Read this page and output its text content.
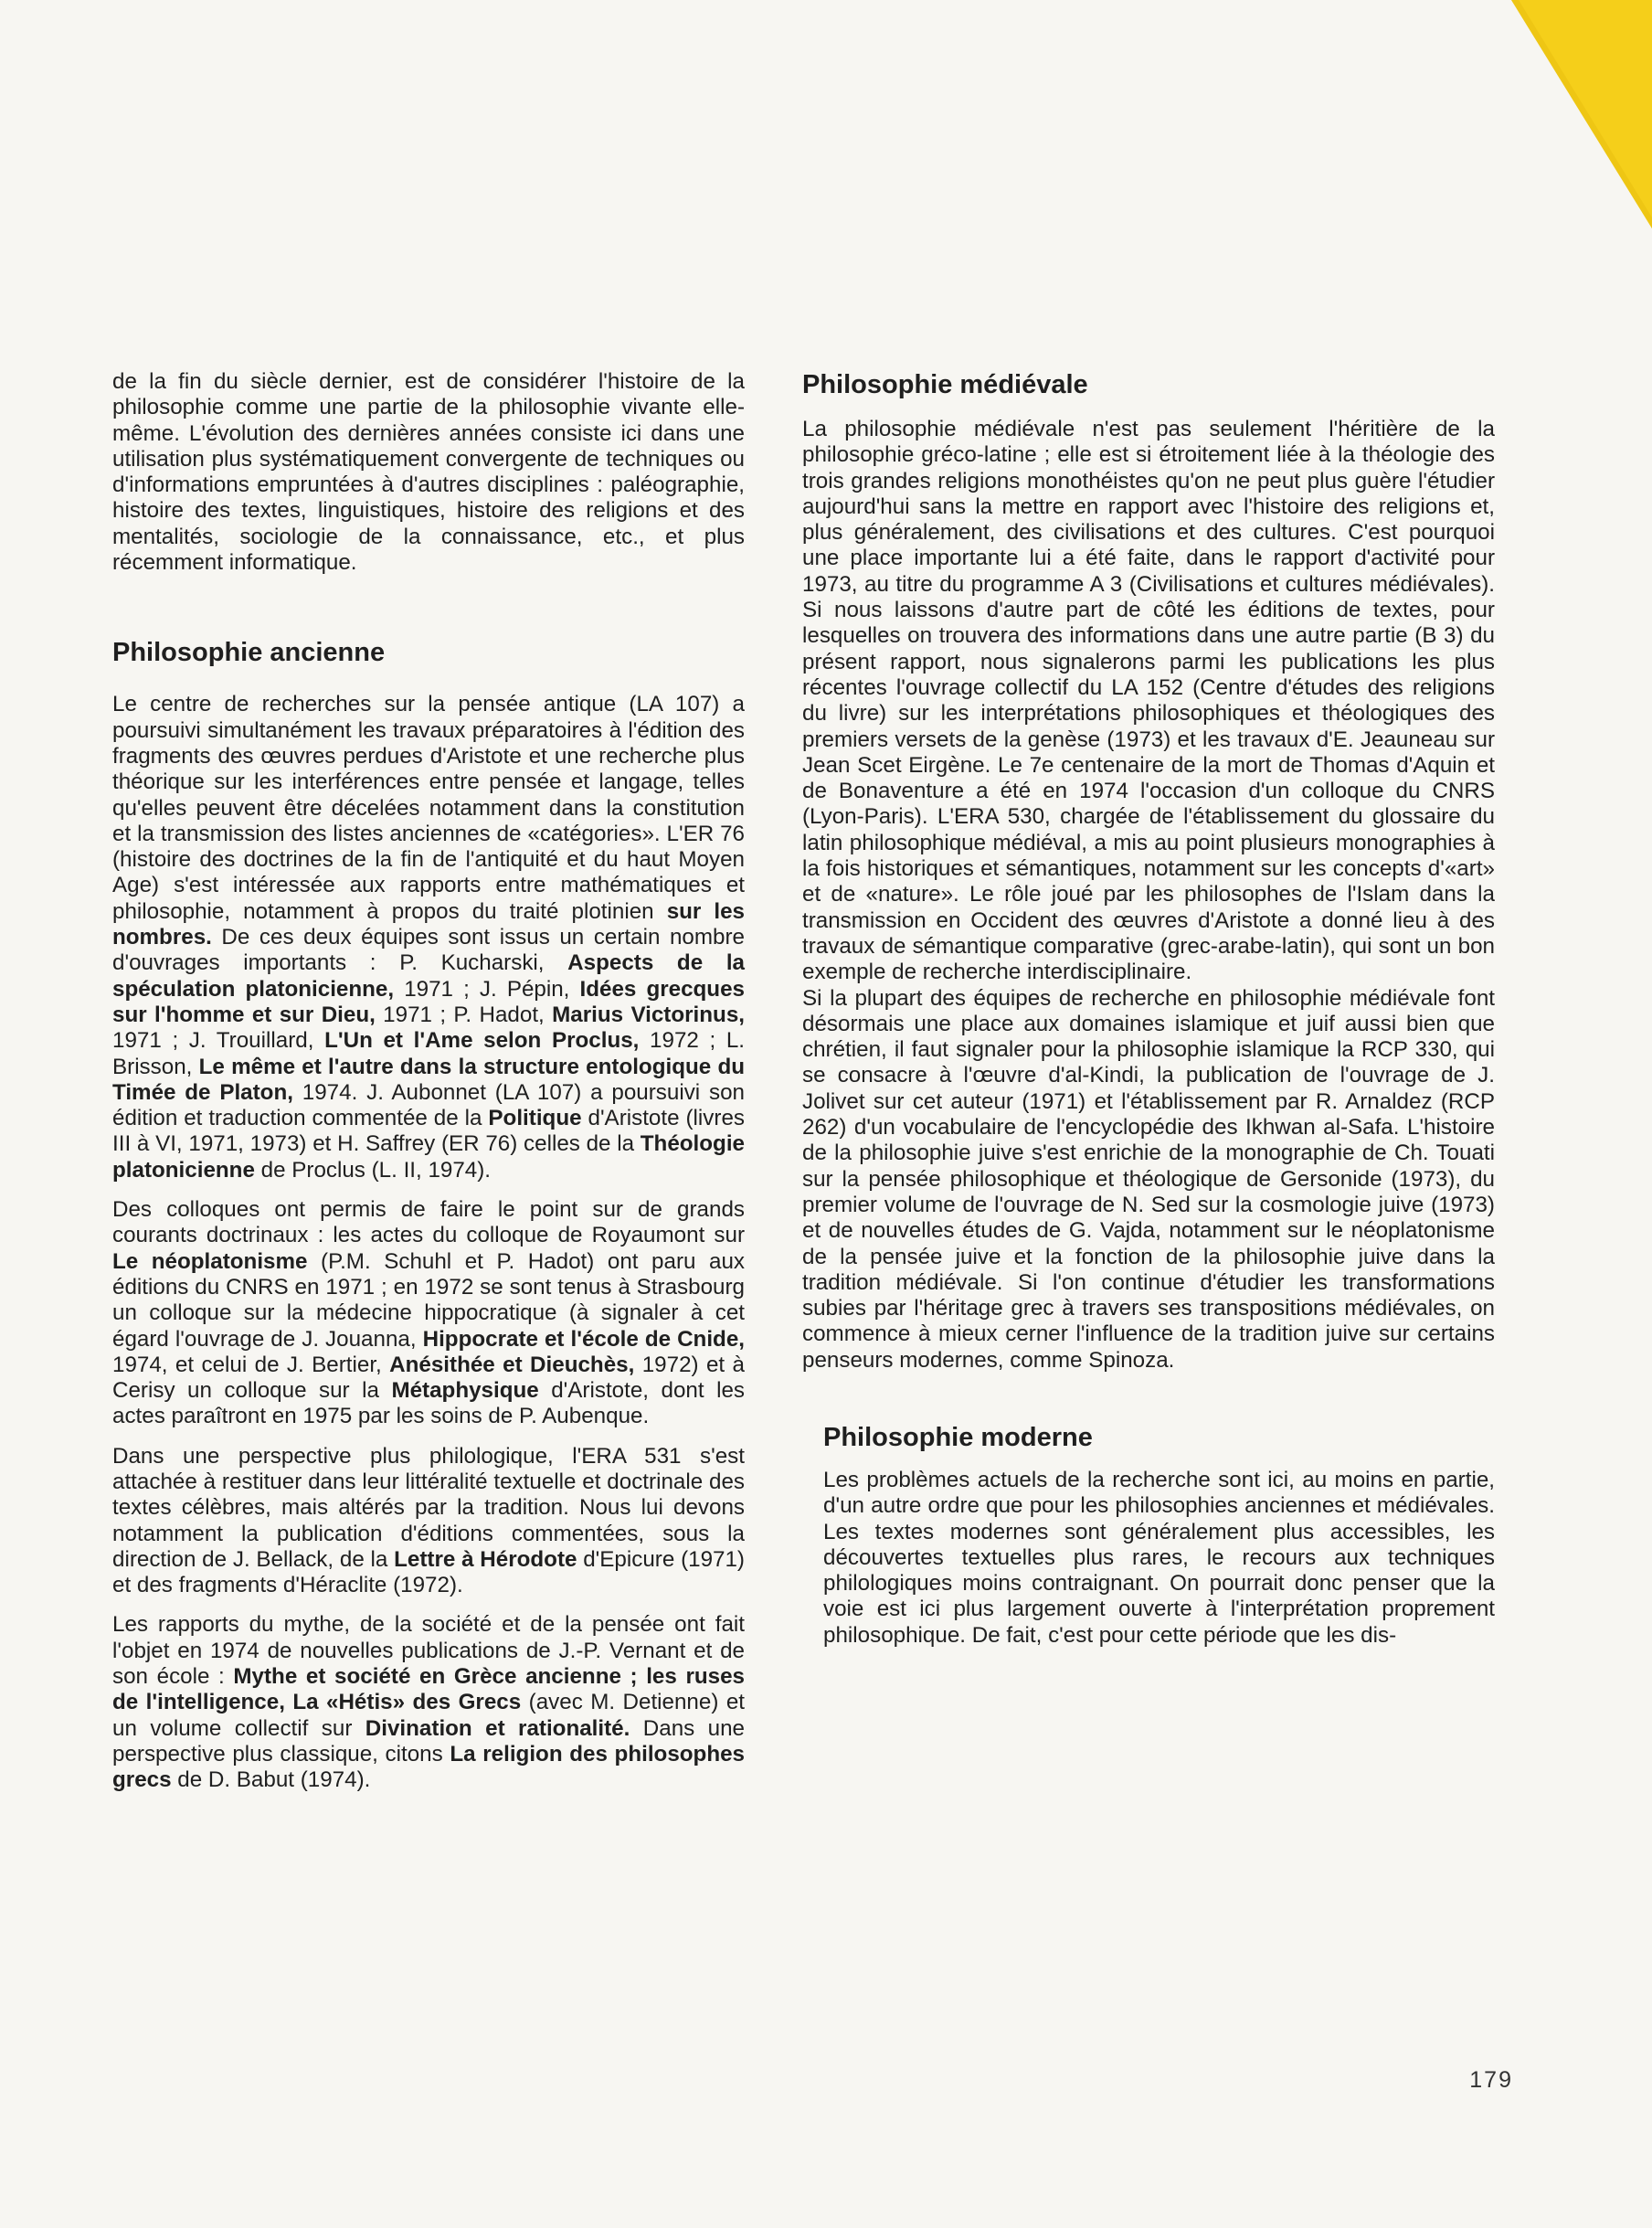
de la fin du siècle dernier, est de considérer l'histoire de la philosophie comme une partie de la philosophie vivante elle-même. L'évolution des dernières années consiste ici dans une utilisation plus systématiquement convergente de techniques ou d'informations empruntées à d'autres disciplines : paléographie, histoire des textes, linguistiques, histoire des religions et des mentalités, sociologie de la connaissance, etc., et plus récemment informatique.

Philosophie ancienne

Le centre de recherches sur la pensée antique (LA 107) a poursuivi simultanément les travaux préparatoires à l'édition des fragments des œuvres perdues d'Aristote et une recherche plus théorique sur les interférences entre pensée et langage, telles qu'elles peuvent être décelées notamment dans la constitution et la transmission des listes anciennes de «catégories». L'ER 76 (histoire des doctrines de la fin de l'antiquité et du haut Moyen Age) s'est intéressée aux rapports entre mathématiques et philosophie, notamment à propos du traité plotinien sur les nombres. De ces deux équipes sont issus un certain nombre d'ouvrages importants : P. Kucharski, Aspects de la spéculation platonicienne, 1971 ; J. Pépin, Idées grecques sur l'homme et sur Dieu, 1971 ; P. Hadot, Marius Victorinus, 1971 ; J. Trouillard, L'Un et l'Ame selon Proclus, 1972 ; L. Brisson, Le même et l'autre dans la structure entologique du Timée de Platon, 1974. J. Aubonnet (LA 107) a poursuivi son édition et traduction commentée de la Politique d'Aristote (livres III à VI, 1971, 1973) et H. Saffrey (ER 76) celles de la Théologie platonicienne de Proclus (L. II, 1974).

Des colloques ont permis de faire le point sur de grands courants doctrinaux : les actes du colloque de Royaumont sur Le néoplatonisme (P.M. Schuhl et P. Hadot) ont paru aux éditions du CNRS en 1971 ; en 1972 se sont tenus à Strasbourg un colloque sur la médecine hippocratique (à signaler à cet égard l'ouvrage de J. Jouanna, Hippocrate et l'école de Cnide, 1974, et celui de J. Bertier, Anésithée et Dieuchès, 1972) et à Cerisy un colloque sur la Métaphysique d'Aristote, dont les actes paraîtront en 1975 par les soins de P. Aubenque.

Dans une perspective plus philologique, l'ERA 531 s'est attachée à restituer dans leur littéralité textuelle et doctrinale des textes célèbres, mais altérés par la tradition. Nous lui devons notamment la publication d'éditions commentées, sous la direction de J. Bellack, de la Lettre à Hérodote d'Epicure (1971) et des fragments d'Héraclite (1972).

Les rapports du mythe, de la société et de la pensée ont fait l'objet en 1974 de nouvelles publications de J.-P. Vernant et de son école : Mythe et société en Grèce ancienne ; les ruses de l'intelligence, La «Hétis» des Grecs (avec M. Detienne) et un volume collectif sur Divination et rationalité. Dans une perspective plus classique, citons La religion des philosophes grecs de D. Babut (1974).

Philosophie médiévale

La philosophie médiévale n'est pas seulement l'héritière de la philosophie gréco-latine ; elle est si étroitement liée à la théologie des trois grandes religions monothéistes qu'on ne peut plus guère l'étudier aujourd'hui sans la mettre en rapport avec l'histoire des religions et, plus généralement, des civilisations et des cultures. C'est pourquoi une place importante lui a été faite, dans le rapport d'activité pour 1973, au titre du programme A 3 (Civilisations et cultures médiévales). Si nous laissons d'autre part de côté les éditions de textes, pour lesquelles on trouvera des informations dans une autre partie (B 3) du présent rapport, nous signalerons parmi les publications les plus récentes l'ouvrage collectif du LA 152 (Centre d'études des religions du livre) sur les interprétations philosophiques et théologiques des premiers versets de la genèse (1973) et les travaux d'E. Jeauneau sur Jean Scet Eirgène. Le 7e centenaire de la mort de Thomas d'Aquin et de Bonaventure a été en 1974 l'occasion d'un colloque du CNRS (Lyon-Paris). L'ERA 530, chargée de l'établissement du glossaire du latin philosophique médiéval, a mis au point plusieurs monographies à la fois historiques et sémantiques, notamment sur les concepts d'«art» et de «nature». Le rôle joué par les philosophes de l'Islam dans la transmission en Occident des œuvres d'Aristote a donné lieu à des travaux de sémantique comparative (grec-arabe-latin), qui sont un bon exemple de recherche interdisciplinaire.

Si la plupart des équipes de recherche en philosophie médiévale font désormais une place aux domaines islamique et juif aussi bien que chrétien, il faut signaler pour la philosophie islamique la RCP 330, qui se consacre à l'œuvre d'al-Kindi, la publication de l'ouvrage de J. Jolivet sur cet auteur (1971) et l'établissement par R. Arnaldez (RCP 262) d'un vocabulaire de l'encyclopédie des Ikhwan al-Safa. L'histoire de la philosophie juive s'est enrichie de la monographie de Ch. Touati sur la pensée philosophique et théologique de Gersonide (1973), du premier volume de l'ouvrage de N. Sed sur la cosmologie juive (1973) et de nouvelles études de G. Vajda, notamment sur le néoplatonisme de la pensée juive et la fonction de la philosophie juive dans la tradition médiévale. Si l'on continue d'étudier les transformations subies par l'héritage grec à travers ses transpositions médiévales, on commence à mieux cerner l'influence de la tradition juive sur certains penseurs modernes, comme Spinoza.

Philosophie moderne

Les problèmes actuels de la recherche sont ici, au moins en partie, d'un autre ordre que pour les philosophies anciennes et médiévales. Les textes modernes sont généralement plus accessibles, les découvertes textuelles plus rares, le recours aux techniques philologiques moins contraignant. On pourrait donc penser que la voie est ici plus largement ouverte à l'interprétation proprement philosophique. De fait, c'est pour cette période que les dis-

179
